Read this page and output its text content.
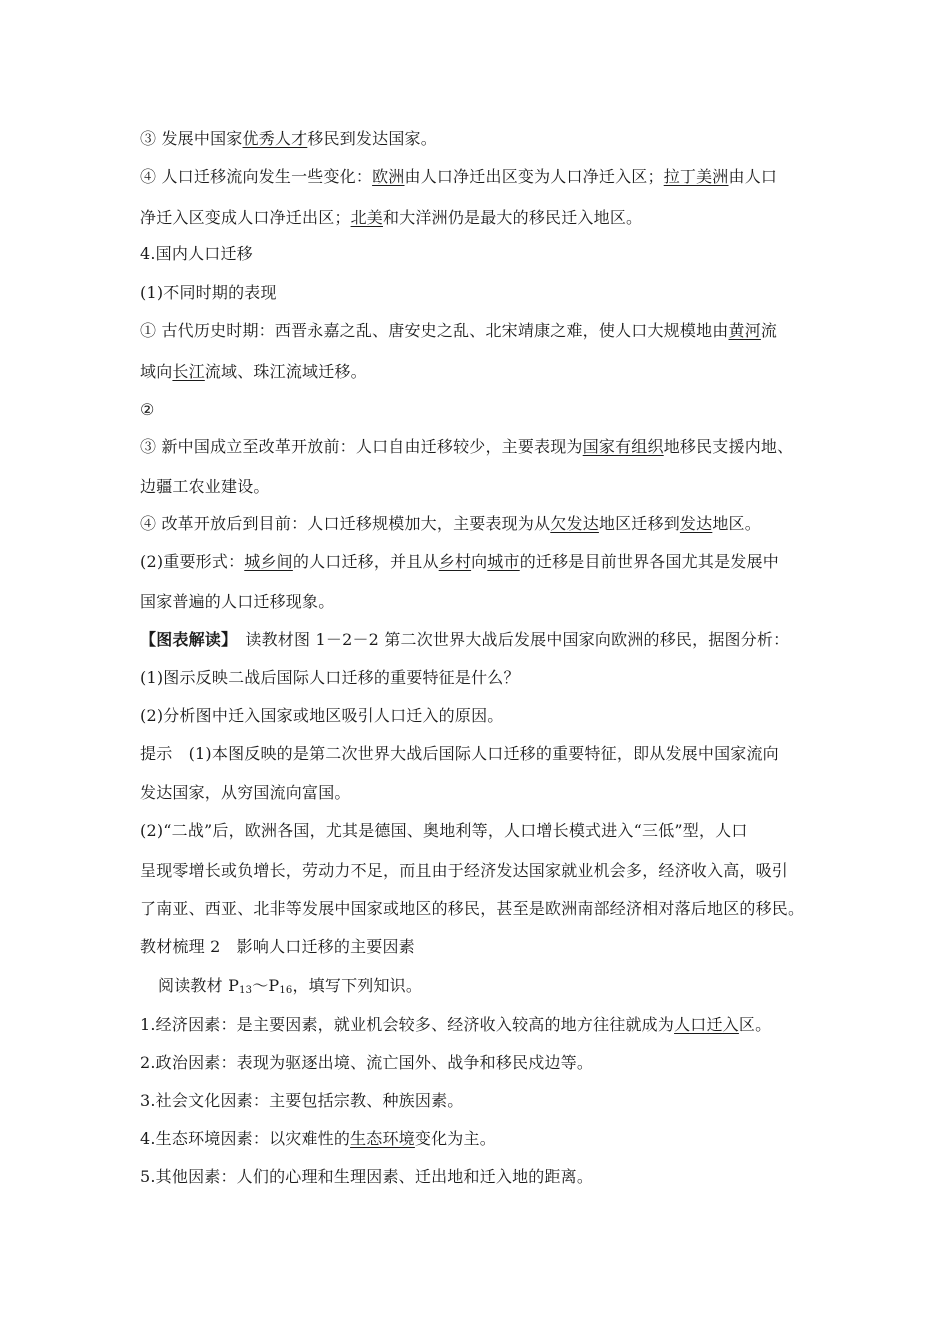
③ 发展中国家优秀人才移民到发达国家。
④ 人口迁移流向发生一些变化：欧洲由人口净迁出区变为人口净迁入区；拉丁美洲由人口
净迁入区变成人口净迁出区；北美和大洋洲仍是最大的移民迁入地区。
4.国内人口迁移
(1)不同时期的表现
① 古代历史时期：西晋永嘉之乱、唐安史之乱、北宋靖康之难，使人口大规模地由黄河流
域向长江流域、珠江流域迁移。
②
③ 新中国成立至改革开放前：人口自由迁移较少，主要表现为国家有组织地移民支援内地、
边疆工农业建设。
④ 改革开放后到目前：人口迁移规模加大，主要表现为从欠发达地区迁移到发达地区。
(2)重要形式：城乡间的人口迁移，并且从乡村向城市的迁移是目前世界各国尤其是发展中
国家普遍的人口迁移现象。
【图表解读】　读教材图 1－2－2 第二次世界大战后发展中国家向欧洲的移民，据图分析：
(1)图示反映二战后国际人口迁移的重要特征是什么？
(2)分析图中迁入国家或地区吸引人口迁入的原因。
提示　(1)本图反映的是第二次世界大战后国际人口迁移的重要特征，即从发展中国家流向
发达国家，从穷国流向富国。
(2)“二战”后，欧洲各国，尤其是德国、奥地利等，人口增长模式进入“三低”型，人口
呈现零增长或负增长，劳动力不足，而且由于经济发达国家就业机会多，经济收入高，吸引
了南亚、西亚、北非等发展中国家或地区的移民，甚至是欧洲南部经济相对落后地区的移民。
教材梳理 2　影响人口迁移的主要因素
阅读教材 $P_{13}\sim P_{16}$，填写下列知识。
1.经济因素：是主要因素，就业机会较多、经济收入较高的地方往往就成为人口迁入区。
2.政治因素：表现为驱逐出境、流亡国外、战争和移民戍边等。
3.社会文化因素：主要包括宗教、种族因素。
4.生态环境因素：以灾难性的生态环境变化为主。
5.其他因素：人们的心理和生理因素、迁出地和迁入地的距离。
